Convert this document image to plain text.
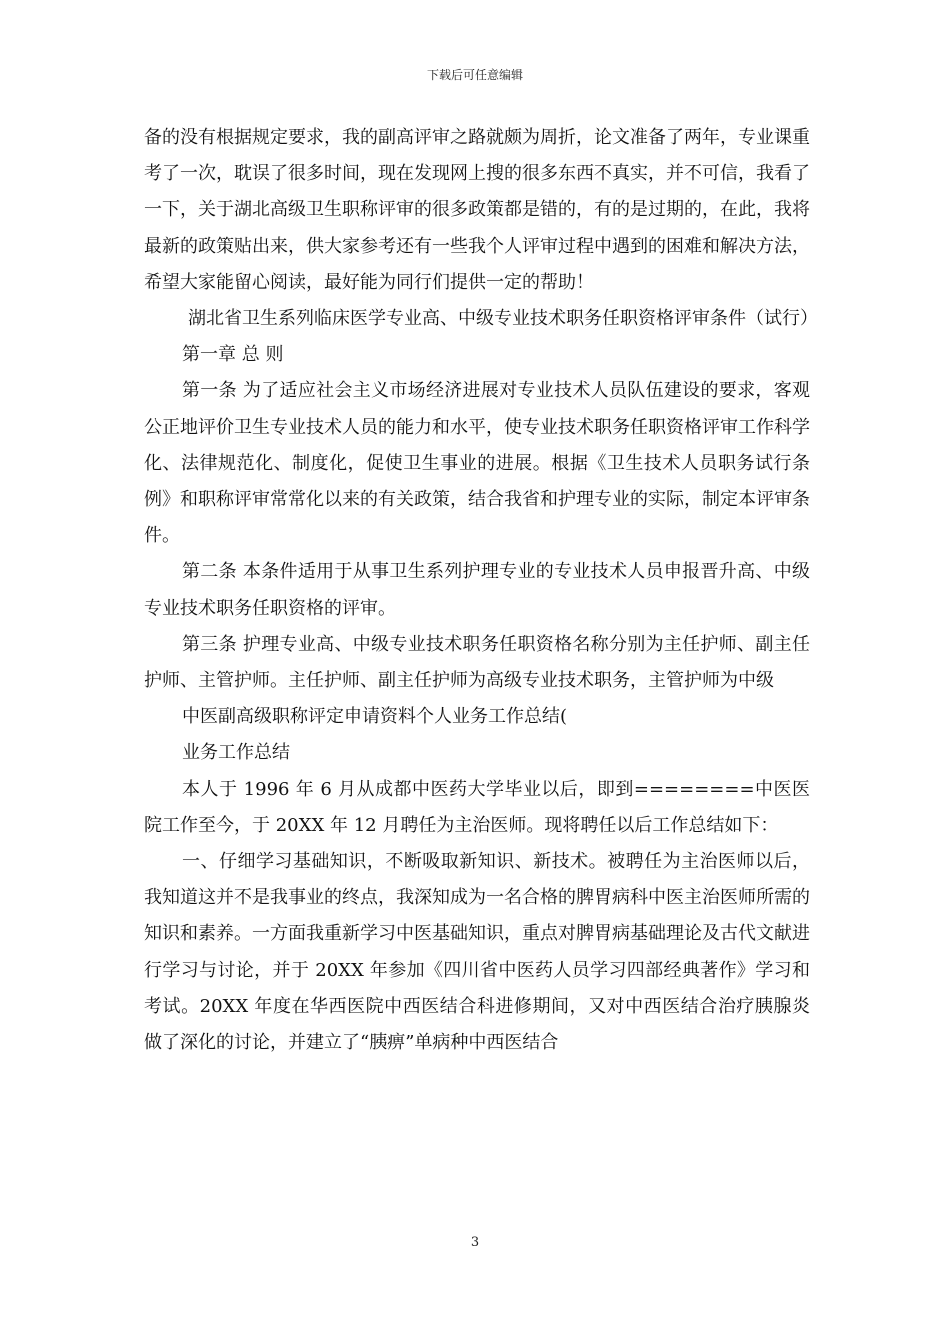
下载后可任意编辑

备的没有根据规定要求，我的副高评审之路就颇为周折，论文准备了两年，专业课重考了一次，耽误了很多时间，现在发现网上搜的很多东西不真实，并不可信，我看了一下，关于湖北高级卫生职称评审的很多政策都是错的，有的是过期的，在此，我将最新的政策贴出来，供大家参考还有一些我个人评审过程中遇到的困难和解决方法，希望大家能留心阅读，最好能为同行们提供一定的帮助！

湖北省卫生系列临床医学专业高、中级专业技术职务任职资格评审条件（试行）

第一章 总 则

第一条 为了适应社会主义市场经济进展对专业技术人员队伍建设的要求，客观公正地评价卫生专业技术人员的能力和水平，使专业技术职务任职资格评审工作科学化、法律规范化、制度化，促使卫生事业的进展。根据《卫生技术人员职务试行条例》和职称评审常常化以来的有关政策，结合我省和护理专业的实际，制定本评审条件。

第二条 本条件适用于从事卫生系列护理专业的专业技术人员申报晋升高、中级专业技术职务任职资格的评审。

第三条 护理专业高、中级专业技术职务任职资格名称分别为主任护师、副主任护师、主管护师。主任护师、副主任护师为高级专业技术职务，主管护师为中级

中医副高级职称评定申请资料个人业务工作总结(

业务工作总结

本人于 1996 年 6 月从成都中医药大学毕业以后，即到========中医医院工作至今，于 20XX 年 12 月聘任为主治医师。现将聘任以后工作总结如下：

一、仔细学习基础知识，不断吸取新知识、新技术。被聘任为主治医师以后，我知道这并不是我事业的终点，我深知成为一名合格的脾胃病科中医主治医师所需的知识和素养。一方面我重新学习中医基础知识，重点对脾胃病基础理论及古代文献进行学习与讨论，并于 20XX 年参加《四川省中医药人员学习四部经典著作》学习和考试。20XX 年度在华西医院中西医结合科进修期间，又对中西医结合治疗胰腺炎做了深化的讨论，并建立了“胰痹”单病种中西医结合

3
